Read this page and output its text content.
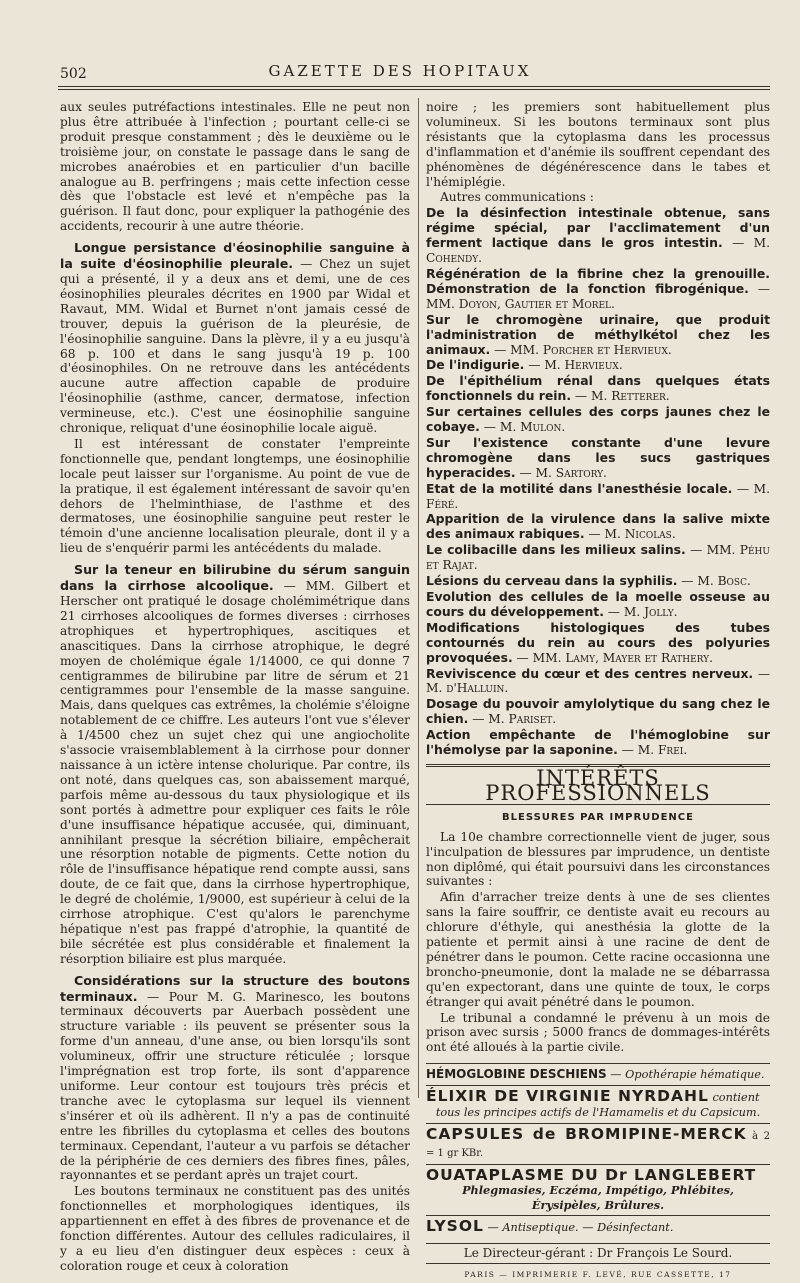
502	GAZETTE DES HOPITAUX

aux seules putréfactions intestinales. Elle ne peut non plus être attribuée à l'infection ; pourtant celle-ci se produit presque constamment ; dès le deuxième ou le troisième jour, on constate le passage dans le sang de microbes anaérobies et en particulier d'un bacille analogue au B. perfringens ; mais cette infection cesse dès que l'obstacle est levé et n'empêche pas la guérison. Il faut donc, pour expliquer la pathogénie des accidents, recourir à une autre théorie.

Longue persistance d'éosinophilie sanguine à la suite d'éosinophilie pleurale. — Chez un sujet qui a présenté, il y a deux ans et demi, une de ces éosinophilies pleurales décrites en 1900 par Widal et Ravaut, MM. Widal et Burnet n'ont jamais cessé de trouver, depuis la guérison de la pleurésie, de l'éosinophilie sanguine. Dans la plèvre, il y a eu jusqu'à 68 p. 100 et dans le sang jusqu'à 19 p. 100 d'éosinophiles. On ne retrouve dans les antécédents aucune autre affection capable de produire l'éosinophilie (asthme, cancer, dermatose, infection vermineuse, etc.). C'est une éosinophilie sanguine chronique, reliquat d'une éosinophilie locale aiguë.

Il est intéressant de constater l'empreinte fonctionnelle que, pendant longtemps, une éosinophilie locale peut laisser sur l'organisme. Au point de vue de la pratique, il est également intéressant de savoir qu'en dehors de l'helminthiase, de l'asthme et des dermatoses, une éosinophilie sanguine peut rester le témoin d'une ancienne localisation pleurale, dont il y a lieu de s'enquérir parmi les antécédents du malade.

Sur la teneur en bilirubine du sérum sanguin dans la cirrhose alcoolique. — MM. Gilbert et Herscher ont pratiqué le dosage cholémimétrique dans 21 cirrhoses alcooliques de formes diverses : cirrhoses atrophiques et hypertrophiques, ascitiques et anascitiques. Dans la cirrhose atrophique, le degré moyen de cholémique égale 1/14000, ce qui donne 7 centigrammes de bilirubine par litre de sérum et 21 centigrammes pour l'ensemble de la masse sanguine. Mais, dans quelques cas extrêmes, la cholémie s'éloigne notablement de ce chiffre. Les auteurs l'ont vue s'élever à 1/4500 chez un sujet chez qui une angiocholite s'associe vraisemblablement à la cirrhose pour donner naissance à un ictère intense cholurique. Par contre, ils ont noté, dans quelques cas, son abaissement marqué, parfois même au-dessous du taux physiologique et ils sont portés à admettre pour expliquer ces faits le rôle d'une insuffisance hépatique accusée, qui, diminuant, annihilant presque la sécrétion biliaire, empêcherait une résorption notable de pigments. Cette notion du rôle de l'insuffisance hépatique rend compte aussi, sans doute, de ce fait que, dans la cirrhose hypertrophique, le degré de cholémie, 1/9000, est supérieur à celui de la cirrhose atrophique. C'est qu'alors le parenchyme hépatique n'est pas frappé d'atrophie, la quantité de bile sécrétée est plus considérable et finalement la résorption biliaire est plus marquée.

Considérations sur la structure des boutons terminaux. — Pour M. G. Marinesco, les boutons terminaux découverts par Auerbach possèdent une structure variable : ils peuvent se présenter sous la forme d'un anneau, d'une anse, ou bien lorsqu'ils sont volumineux, offrir une structure réticulée ; lorsque l'imprégnation est trop forte, ils sont d'apparence uniforme. Leur contour est toujours très précis et tranche avec le cytoplasma sur lequel ils viennent s'insérer et où ils adhèrent. Il n'y a pas de continuité entre les fibrilles du cytoplasma et celles des boutons terminaux. Cependant, l'auteur a vu parfois se détacher de la périphérie de ces derniers des fibres fines, pâles, rayonnantes et se perdant après un trajet court.

Les boutons terminaux ne constituent pas des unités fonctionnelles et morphologiques identiques, ils appartiennent en effet à des fibres de provenance et de fonction différentes. Autour des cellules radiculaires, il y a eu lieu d'en distinguer deux espèces : ceux à coloration rouge et ceux à coloration

noire ; les premiers sont habituellement plus volumineux. Si les boutons terminaux sont plus résistants que la cytoplasma dans les processus d'inflammation et d'anémie ils souffrent cependant des phénomènes de dégénérescence dans le tabes et l'hémiplégie.

Autres communications :

De la désinfection intestinale obtenue, sans régime spécial, par l'acclimatement d'un ferment lactique dans le gros intestin. — M. Cohendy.

Régénération de la fibrine chez la grenouille. Démonstration de la fonction fibrogénique. — MM. Doyon, Gautier et Morel.

Sur le chromogène urinaire, que produit l'administration de méthylkétol chez les animaux. — MM. Porcher et Hervieux.

De l'indigurie. — M. Hervieux.

De l'épithélium rénal dans quelques états fonctionnels du rein. — M. Retterer.

Sur certaines cellules des corps jaunes chez le cobaye. — M. Mulon.

Sur l'existence constante d'une levure chromogène dans les sucs gastriques hyperacides. — M. Sartory.

Etat de la motilité dans l'anesthésie locale. — M. Féré.

Apparition de la virulence dans la salive mixte des animaux rabiques. — M. Nicolas.

Le colibacille dans les milieux salins. — MM. Péhu et Rajat.

Lésions du cerveau dans la syphilis. — M. Bosc.

Evolution des cellules de la moelle osseuse au cours du développement. — M. Jolly.

Modifications histologiques des tubes contournés du rein au cours des polyuries provoquées. — MM. Lamy, Mayer et Rathery.

Reviviscence du cœur et des centres nerveux. — M. d'Halluin.

Dosage du pouvoir amylolytique du sang chez le chien. — M. Pariset.

Action empêchante de l'hémoglobine sur l'hémolyse par la saponine. — M. Frei.

INTÉRÊTS PROFESSIONNELS
BLESSURES PAR IMPRUDENCE

La 10e chambre correctionnelle vient de juger, sous l'inculpation de blessures par imprudence, un dentiste non diplômé, qui était poursuivi dans les circonstances suivantes :

Afin d'arracher treize dents à une de ses clientes sans la faire souffrir, ce dentiste avait eu recours au chlorure d'éthyle, qui anesthésia la glotte de la patiente et permit ainsi à une racine de dent de pénétrer dans le poumon. Cette racine occasionna une broncho-pneumonie, dont la malade ne se débarrassa qu'en expectorant, dans une quinte de toux, le corps étranger qui avait pénétré dans le poumon.

Le tribunal a condamné le prévenu à un mois de prison avec sursis ; 5000 francs de dommages-intérêts ont été alloués à la partie civile.

HÉMOGLOBINE DESCHIENS — Opothérapie hématique.
ÉLIXIR DE VIRGINIE NYRDAHL contient
tous les principes actifs de l'Hamamelis et du Capsicum.
CAPSULES de BROMIPINE-MERCK à 2 = 1 gr KBr.
OUATAPLASME DU Dr LANGLEBERT
Phlegmasies, Eczéma, Impétigo, Phlébites, Érysipèles, Brûlures.
LYSOL — Antiseptique. — Désinfectant.
Le Directeur-gérant : Dr François Le Sourd.
PARIS — IMPRIMERIE F. LEVÉ, RUE CASSETTE, 17
